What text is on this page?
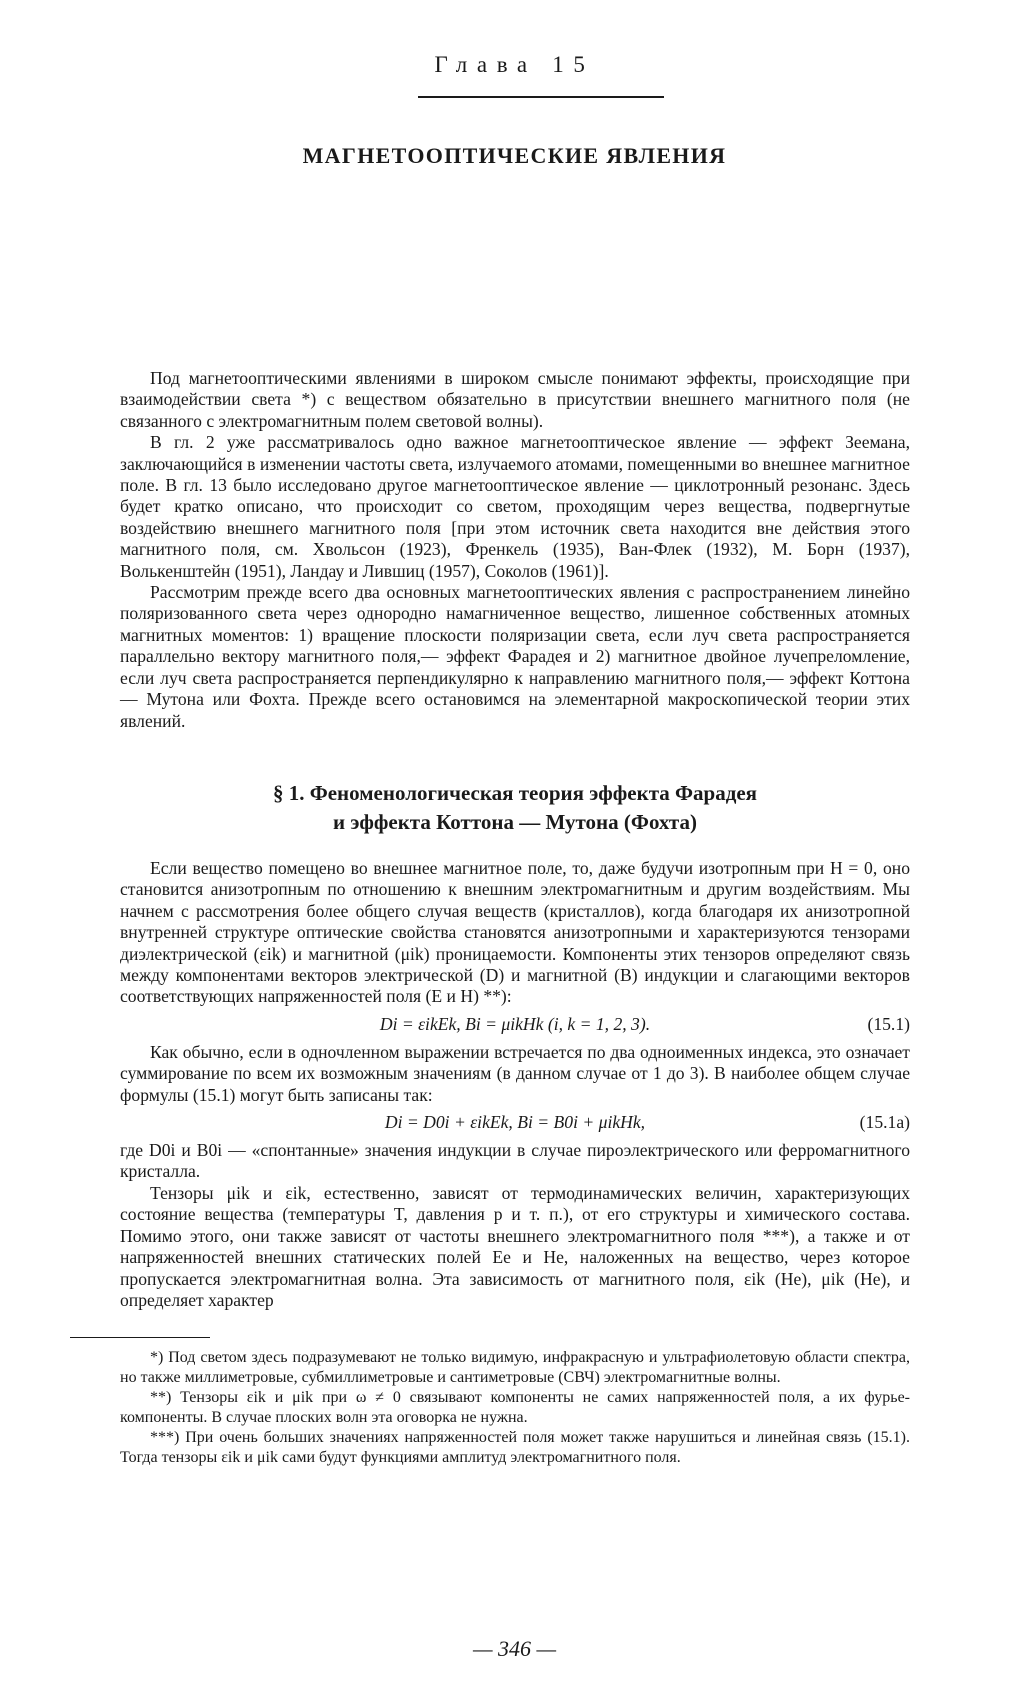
Глава 15
МАГНЕТООПТИЧЕСКИЕ ЯВЛЕНИЯ

Под магнетооптическими явлениями в широком смысле понимают эффекты, происходящие при взаимодействии света *) с веществом обязательно в присутствии внешнего магнитного поля (не связанного с электромагнитным полем световой волны).

В гл. 2 уже рассматривалось одно важное магнетооптическое явление — эффект Зеемана, заключающийся в изменении частоты света, излучаемого атомами, помещенными во внешнее магнитное поле. В гл. 13 было исследовано другое магнетооптическое явление — циклотронный резонанс. Здесь будет кратко описано, что происходит со светом, проходящим через вещества, подвергнутые воздействию внешнего магнитного поля [при этом источник света находится вне действия этого магнитного поля, см. Хвольсон (1923), Френкель (1935), Ван-Флек (1932), М. Борн (1937), Волькенштейн (1951), Ландау и Лившиц (1957), Соколов (1961)].

Рассмотрим прежде всего два основных магнетооптических явления с распространением линейно поляризованного света через однородно намагниченное вещество, лишенное собственных атомных магнитных моментов: 1) вращение плоскости поляризации света, если луч света распространяется параллельно вектору магнитного поля,— эффект Фарадея и 2) магнитное двойное лучепреломление, если луч света распространяется перпендикулярно к направлению магнитного поля,— эффект Коттона — Мутона или Фохта. Прежде всего остановимся на элементарной макроскопической теории этих явлений.

§ 1. Феноменологическая теория эффекта Фарадея
и эффекта Коттона — Мутона (Фохта)

Если вещество помещено во внешнее магнитное поле, то, даже будучи изотропным при H = 0, оно становится анизотропным по отношению к внешним электромагнитным и другим воздействиям. Мы начнем с рассмотрения более общего случая веществ (кристаллов), когда благодаря их анизотропной внутренней структуре оптические свойства становятся анизотропными и характеризуются тензорами диэлектрической (εik) и магнитной (μik) проницаемости. Компоненты этих тензоров определяют связь между компонентами векторов электрической (D) и магнитной (B) индукции и слагающими векторов соответствующих напряженностей поля (E и H) **):

Di = εikEk, Bi = μikHk (i, k = 1, 2, 3).	(15.1)

Как обычно, если в одночленном выражении встречается по два одноименных индекса, это означает суммирование по всем их возможным значениям (в данном случае от 1 до 3). В наиболее общем случае формулы (15.1) могут быть записаны так:

Di = D0i + εikEk, Bi = B0i + μikHk,	(15.1a)

где D0i и B0i — «спонтанные» значения индукции в случае пироэлектрического или ферромагнитного кристалла.

Тензоры μik и εik, естественно, зависят от термодинамических величин, характеризующих состояние вещества (температуры T, давления p и т. п.), от его структуры и химического состава. Помимо этого, они также зависят от частоты внешнего электромагнитного поля ***), а также и от напряженностей внешних статических полей Ee и He, наложенных на вещество, через которое пропускается электромагнитная волна. Эта зависимость от магнитного поля, εik (He), μik (He), и определяет характер

*) Под светом здесь подразумевают не только видимую, инфракрасную и ультрафиолетовую области спектра, но также миллиметровые, субмиллиметровые и сантиметровые (СВЧ) электромагнитные волны.

**) Тензоры εik и μik при ω ≠ 0 связывают компоненты не самих напряженностей поля, а их фурье-компоненты. В случае плоских волн эта оговорка не нужна.

***) При очень больших значениях напряженностей поля может также нарушиться и линейная связь (15.1). Тогда тензоры εik и μik сами будут функциями амплитуд электромагнитного поля.

— 346 —
